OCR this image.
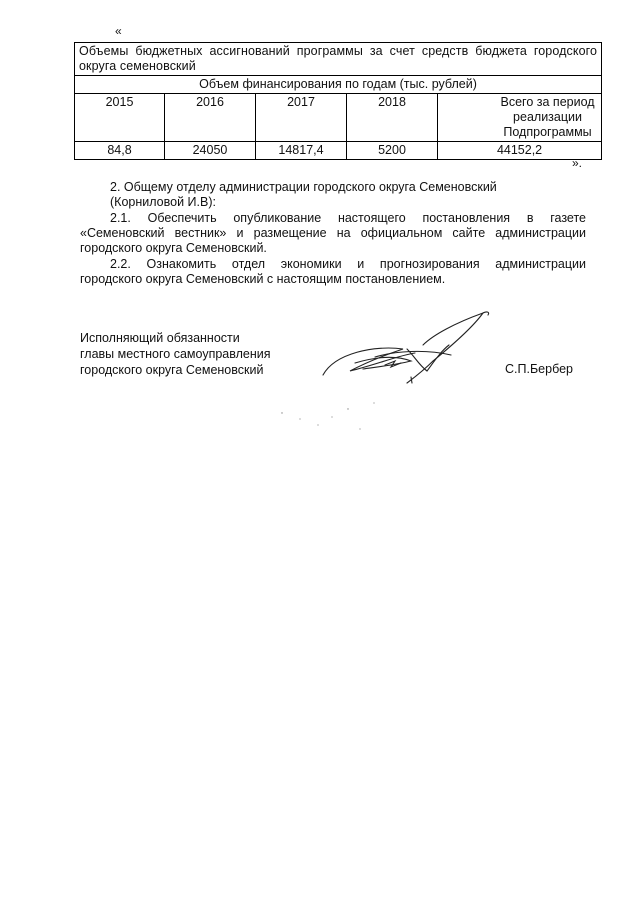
«
Объемы бюджетных ассигнований программы за счет средств бюджета городского округа семеновский				
Объем финансирования по годам (тыс. рублей)				
2015	2016	2017	2018	Всего за период реализации Подпрограммы
84,8	24050	14817,4	5200	44152,2
».
2. Общему отделу администрации городского округа Семеновский
(Корниловой И.В):
2.1. Обеспечить опубликование настоящего постановления в газете
«Семеновский вестник» и размещение на официальном сайте администрации
городского округа Семеновский.
2.2. Ознакомить отдел экономики и прогнозирования администрации
городского округа Семеновский с настоящим постановлением.
Исполняющий обязанности
главы местного самоуправления
городского округа Семеновский	С.П.Бербер
